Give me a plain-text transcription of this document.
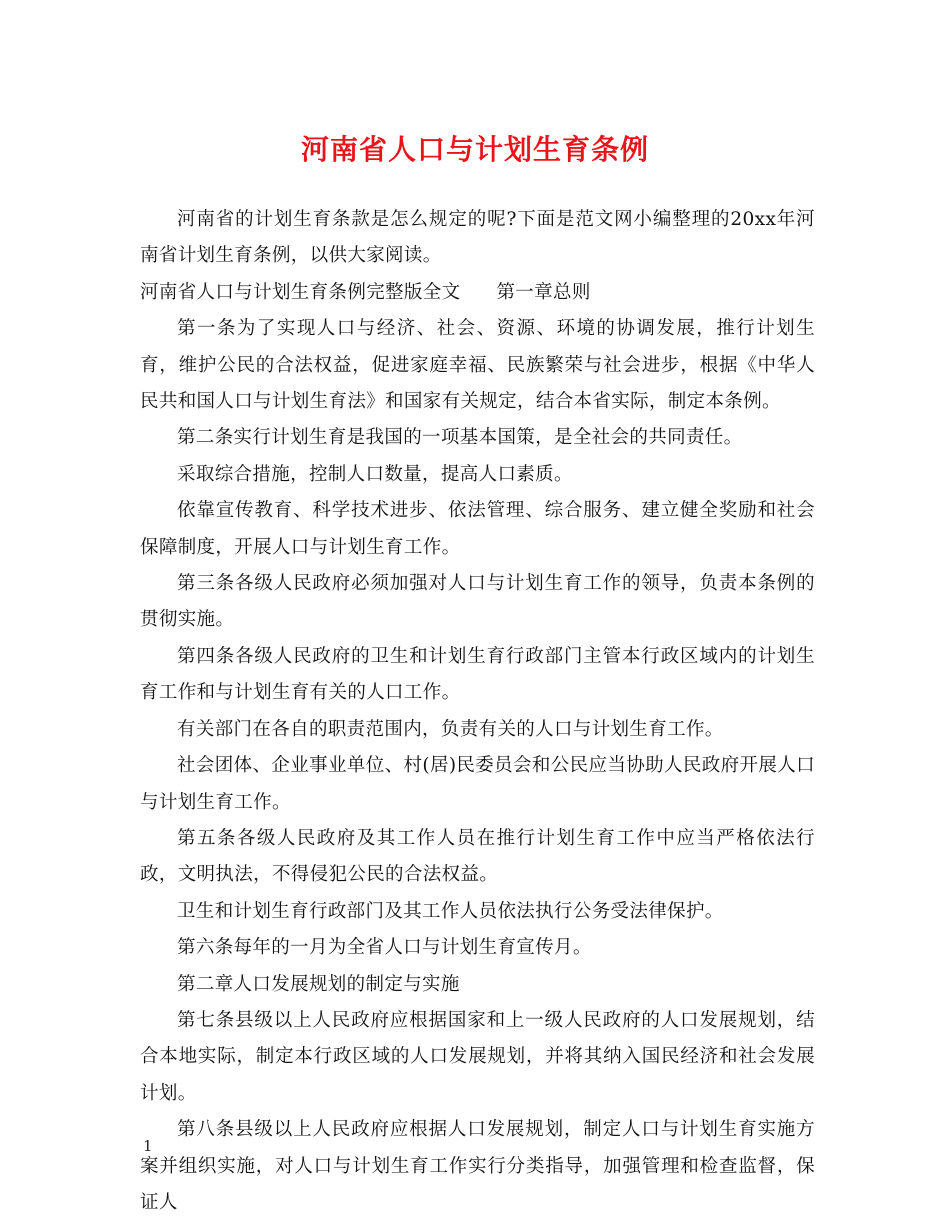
河南省人口与计划生育条例

河南省的计划生育条款是怎么规定的呢?下面是范文网小编整理的20xx年河南省计划生育条例，以供大家阅读。

河南省人口与计划生育条例完整版全文 第一章总则

第一条为了实现人口与经济、社会、资源、环境的协调发展，推行计划生育，维护公民的合法权益，促进家庭幸福、民族繁荣与社会进步，根据《中华人民共和国人口与计划生育法》和国家有关规定，结合本省实际，制定本条例。

第二条实行计划生育是我国的一项基本国策，是全社会的共同责任。

采取综合措施，控制人口数量，提高人口素质。

依靠宣传教育、科学技术进步、依法管理、综合服务、建立健全奖励和社会保障制度，开展人口与计划生育工作。

第三条各级人民政府必须加强对人口与计划生育工作的领导，负责本条例的贯彻实施。

第四条各级人民政府的卫生和计划生育行政部门主管本行政区域内的计划生育工作和与计划生育有关的人口工作。

有关部门在各自的职责范围内，负责有关的人口与计划生育工作。

社会团体、企业事业单位、村(居)民委员会和公民应当协助人民政府开展人口与计划生育工作。

第五条各级人民政府及其工作人员在推行计划生育工作中应当严格依法行政，文明执法，不得侵犯公民的合法权益。

卫生和计划生育行政部门及其工作人员依法执行公务受法律保护。

第六条每年的一月为全省人口与计划生育宣传月。

第二章人口发展规划的制定与实施

第七条县级以上人民政府应根据国家和上一级人民政府的人口发展规划，结合本地实际，制定本行政区域的人口发展规划，并将其纳入国民经济和社会发展计划。

第八条县级以上人民政府应根据人口发展规划，制定人口与计划生育实施方案并组织实施，对人口与计划生育工作实行分类指导，加强管理和检查监督，保证人

1
